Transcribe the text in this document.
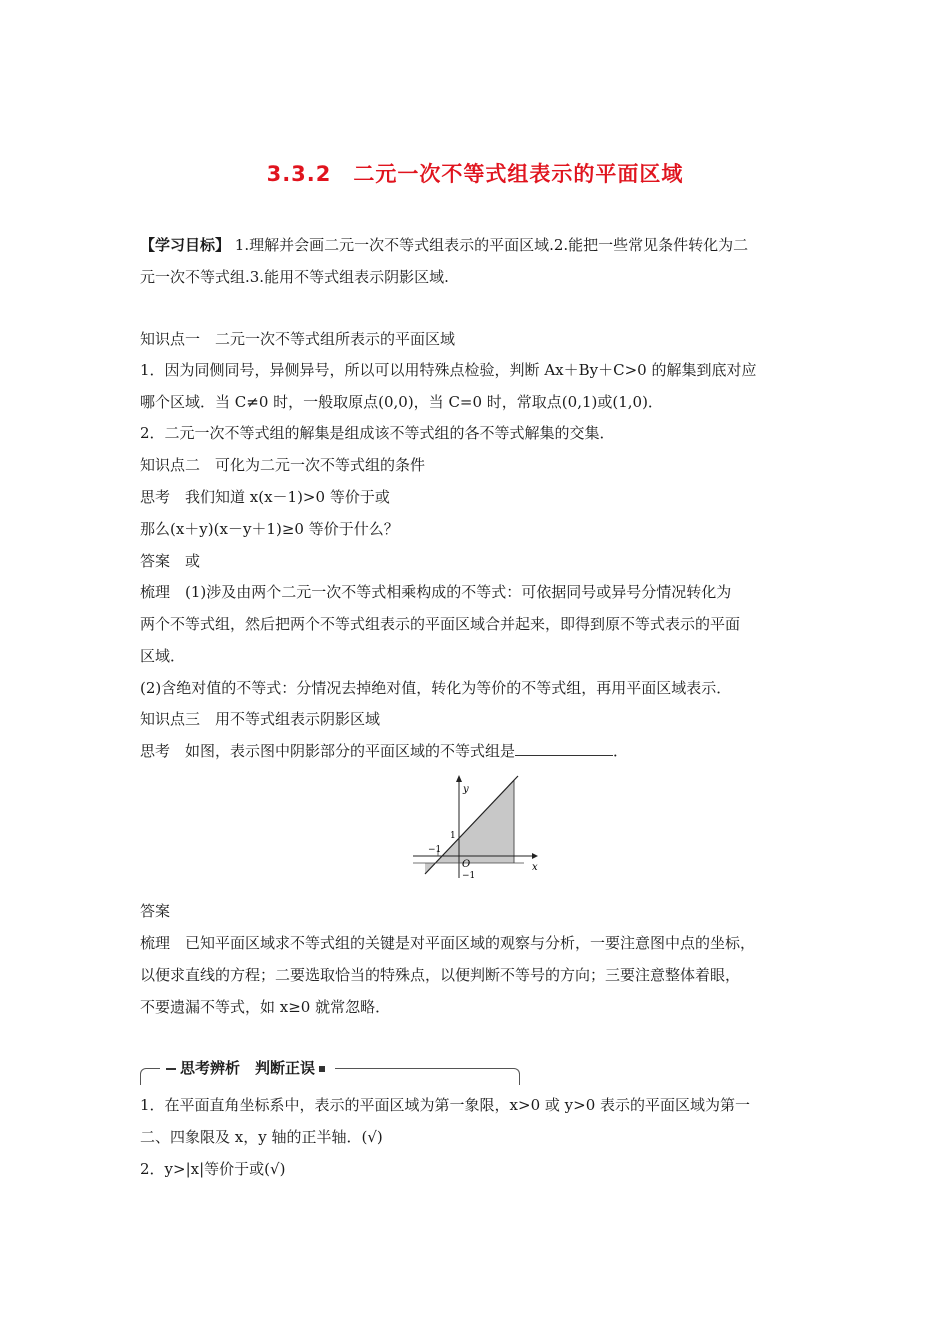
3.3.2　二元一次不等式组表示的平面区域
【学习目标】 1.理解并会画二元一次不等式组表示的平面区域.2.能把一些常见条件转化为二
元一次不等式组.3.能用不等式组表示阴影区域.
知识点一　二元一次不等式组所表示的平面区域
1．因为同侧同号，异侧异号，所以可以用特殊点检验，判断 Ax＋By＋C>0 的解集到底对应
哪个区域．当 C≠0 时，一般取原点(0,0)，当 C=0 时，常取点(0,1)或(1,0)．
2．二元一次不等式组的解集是组成该不等式组的各不等式解集的交集．
知识点二　可化为二元一次不等式组的条件
思考　我们知道 x(x－1)>0 等价于或
那么(x＋y)(x－y＋1)≥0 等价于什么？
答案　或
梳理　(1)涉及由两个二元一次不等式相乘构成的不等式：可依据同号或异号分情况转化为
两个不等式组，然后把两个不等式组表示的平面区域合并起来，即得到原不等式表示的平面
区域．
(2)含绝对值的不等式：分情况去掉绝对值，转化为等价的不等式组，再用平面区域表示．
知识点三　用不等式组表示阴影区域
思考　如图，表示图中阴影部分的平面区域的不等式组是	．
y
x
O
1
−1
−1
答案
梳理　已知平面区域求不等式组的关键是对平面区域的观察与分析，一要注意图中点的坐标，
以便求直线的方程；二要选取恰当的特殊点，以便判断不等号的方向；三要注意整体着眼，
不要遗漏不等式，如 x≥0 就常忽略．
思考辨析　判断正误
1．在平面直角坐标系中，表示的平面区域为第一象限，x>0 或 y>0 表示的平面区域为第一
二、四象限及 x，y 轴的正半轴．(√)
2．y>|x|等价于或(√)
